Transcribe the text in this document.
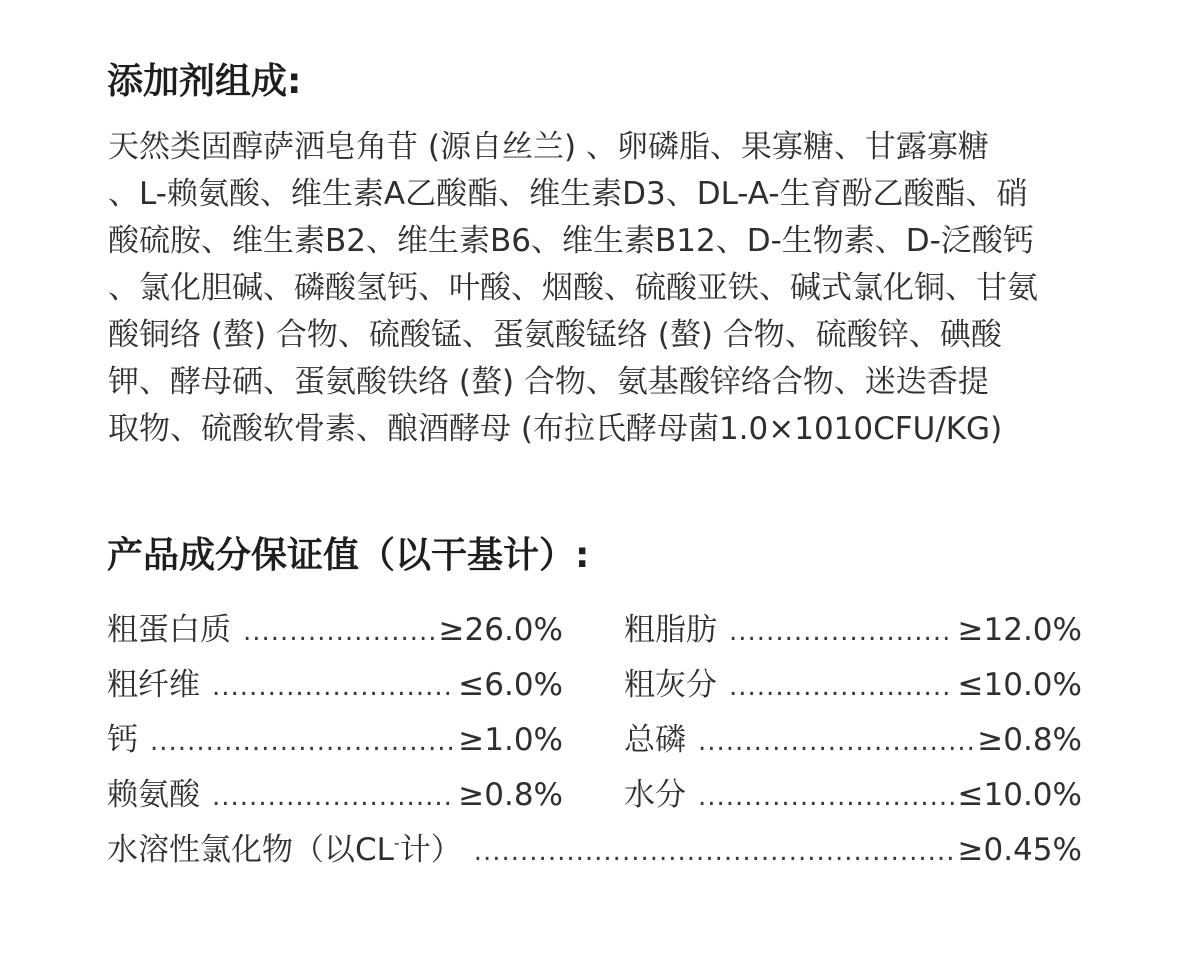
添加剂组成:

天然类固醇萨洒皂角苷 (源自丝兰) 、卵磷脂、果寡糖、甘露寡糖
、L-赖氨酸、维生素A乙酸酯、维生素D3、DL-A-生育酚乙酸酯、硝
酸硫胺、维生素B2、维生素B6、维生素B12、D-生物素、D-泛酸钙
、氯化胆碱、磷酸氢钙、叶酸、烟酸、硫酸亚铁、碱式氯化铜、甘氨
酸铜络 (螯) 合物、硫酸锰、蛋氨酸锰络 (螯) 合物、硫酸锌、碘酸
钾、酵母硒、蛋氨酸铁络 (螯) 合物、氨基酸锌络合物、迷迭香提
取物、硫酸软骨素、酿酒酵母 (布拉氏酵母菌1.0×1010CFU/KG)

产品成分保证值（以干基计）:
粗蛋白质 .....	≥26.0% 粗脂肪 .....	≥12.0%
粗纤维 .....	≤6.0% 粗灰分 .....	≤10.0%
钙 .....	≥1.0% 总磷 .....	≥0.8%
赖氨酸 .....	≥0.8% 水分 .....	≤10.0%
水溶性氯化物（以CL-计） .....	≥0.45%
